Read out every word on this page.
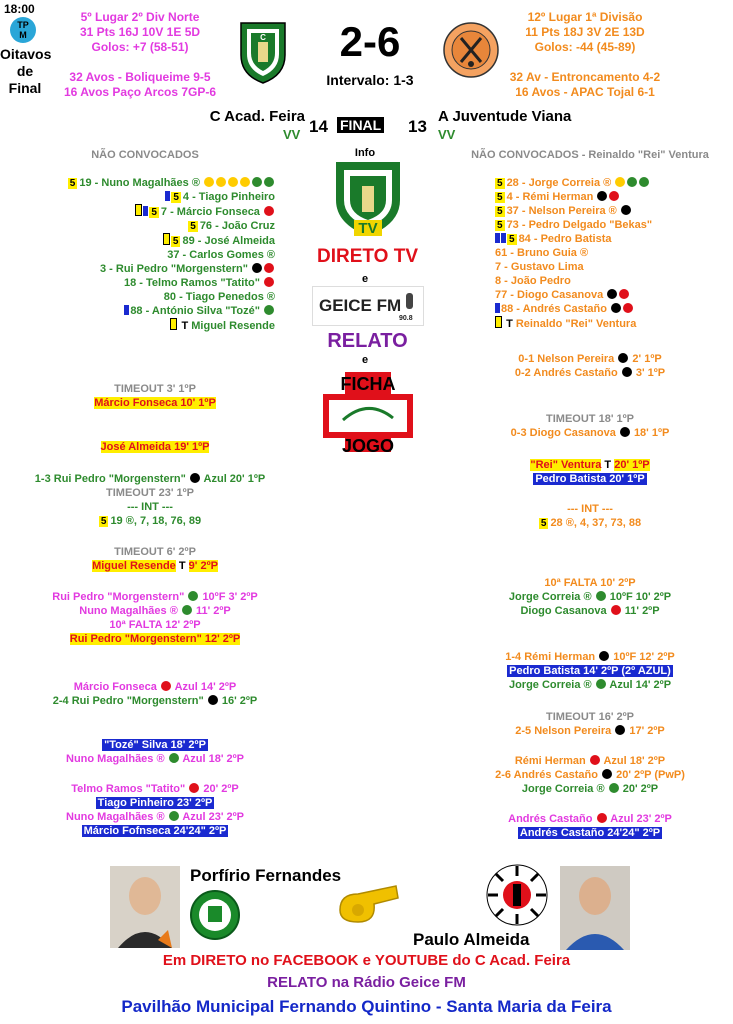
18:00
TP
M
Oitavos de Final
5º Lugar 2º Div Norte
31 Pts 16J 10V 1E 5D
Golos: +7 (58-51)
32 Avos - Boliqueime 9-5
16 Avos Paço Arcos 7GP-6
C	2-6
Intervalo: 1-3
12º Lugar 1ª Divisão
11 Pts 18J 3V 2E 13D
Golos: -44 (45-89)
32 Av - Entroncamento 4-2
16 Avos - APAC Tojal 6-1
C Acad. Feira
14 FINAL 13
A Juventude Viana
VV	VV
Info
TV
DIRETO TV
e
GEICE FM
90.8
RELATO
e
FICHA
JOGO
NÃO CONVOCADOS
5 19 - Nuno Magalhães ®
5 4 - Tiago Pinheiro
5 7 - Márcio Fonseca
5 76 - João Cruz
5 89 - José Almeida
37 - Carlos Gomes ®
3 - Rui Pedro "Morgenstern"
18 - Telmo Ramos "Tatito"
80 - Tiago Penedos ®
88 - António Silva "Tozé"
T Miguel Resende
NÃO CONVOCADOS - Reinaldo "Rei" Ventura
5 28 - Jorge Correia ®
5 4 - Rémi Herman
5 37 - Nelson Pereira ®
5 73 - Pedro Delgado "Bekas"
5 84 - Pedro Batista
61 - Bruno Guia ®
7 - Gustavo Lima
8 - João Pedro
77 - Diogo Casanova
88 - Andrés Castaño
T Reinaldo "Rei" Ventura
TIMEOUT 3' 1ºP
Márcio Fonseca 10' 1ºP
José Almeida 19' 1ºP
1-3 Rui Pedro "Morgenstern" Azul 20' 1ºP
TIMEOUT 23' 1ºP
--- INT ---
5 19 ®, 7, 18, 76, 89
TIMEOUT 6' 2ºP
Miguel Resende T 9' 2ºP
Rui Pedro "Morgenstern" 10ºF 3' 2ºP
Nuno Magalhães ® 11' 2ºP
10ª FALTA 12' 2ºP
Rui Pedro "Morgenstern" 12' 2ºP
Márcio Fonseca Azul 14' 2ºP
2-4 Rui Pedro "Morgenstern" 16' 2ºP
"Tozé" Silva 18' 2ºP
Nuno Magalhães ® Azul 18' 2ºP
Telmo Ramos "Tatito" 20' 2ºP
Tiago Pinheiro 23' 2ºP
Nuno Magalhães ® Azul 23' 2ºP
Márcio Fofnseca 24'24" 2ºP
0-1 Nelson Pereira 2' 1ºP
0-2 Andrés Castaño 3' 1ºP
TIMEOUT 18' 1ºP
0-3 Diogo Casanova 18' 1ºP
"Rei" Ventura T 20' 1ºP
Pedro Batista 20' 1ºP
--- INT ---
5 28 ®, 4, 37, 73, 88
10ª FALTA 10' 2ºP
Jorge Correia ® 10ºF 10' 2ºP
Diogo Casanova 11' 2ºP
1-4 Rémi Herman 10ºF 12' 2ºP
Pedro Batista 14' 2ºP (2º AZUL)
Jorge Correia ® Azul 14' 2ºP
TIMEOUT 16' 2ºP
2-5 Nelson Pereira 17' 2ºP
Rémi Herman Azul 18' 2ºP
2-6 Andrés Castaño 20' 2ºP (PwP)
Jorge Correia ® 20' 2ºP
Andrés Castaño Azul 23' 2ºP
Andrés Castaño 24'24" 2ºP
Porfírio Fernandes
Paulo Almeida
Em DIRETO no FACEBOOK e YOUTUBE do C Acad. Feira
RELATO na Rádio Geice FM
Pavilhão Municipal Fernando Quintino - Santa Maria da Feira
